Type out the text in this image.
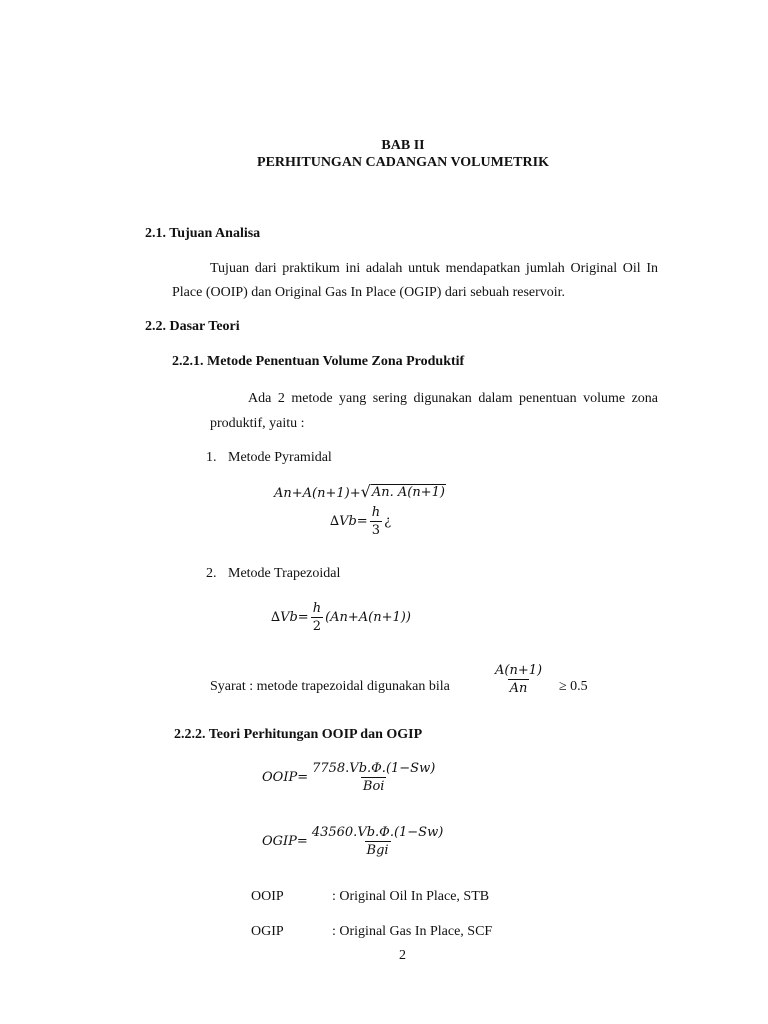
BAB II
PERHITUNGAN CADANGAN VOLUMETRIK
2.1. Tujuan Analisa
Tujuan dari praktikum ini adalah untuk mendapatkan jumlah Original Oil In Place (OOIP) dan Original Gas In Place (OGIP) dari sebuah reservoir.
2.2. Dasar Teori
2.2.1. Metode Penentuan Volume Zona Produktif
Ada 2 metode yang sering digunakan dalam penentuan volume zona produktif, yaitu :
1. Metode Pyramidal
An+A(n+1)+ √ An. A(n+1)
$\Delta Vb= \frac{h}{3}$ ¿
2. Metode Trapezoidal
$\Delta Vb= \frac{h}{2} (An+A(n+1))$
Syarat : metode trapezoidal digunakan bila	$\frac{A(n+1)}{An} \ge 0.5$
2.2.2. Teori Perhitungan OOIP dan OGIP
OOIP= $\frac{7758.Vb.\Phi.(1-Sw)}{\text{Boi}}$
OGIP= $\frac{43560.Vb.\Phi.(1-Sw)}{\text{Bgi}}$
OOIP	: Original Oil In Place, STB
OGIP	: Original Gas In Place, SCF
2
